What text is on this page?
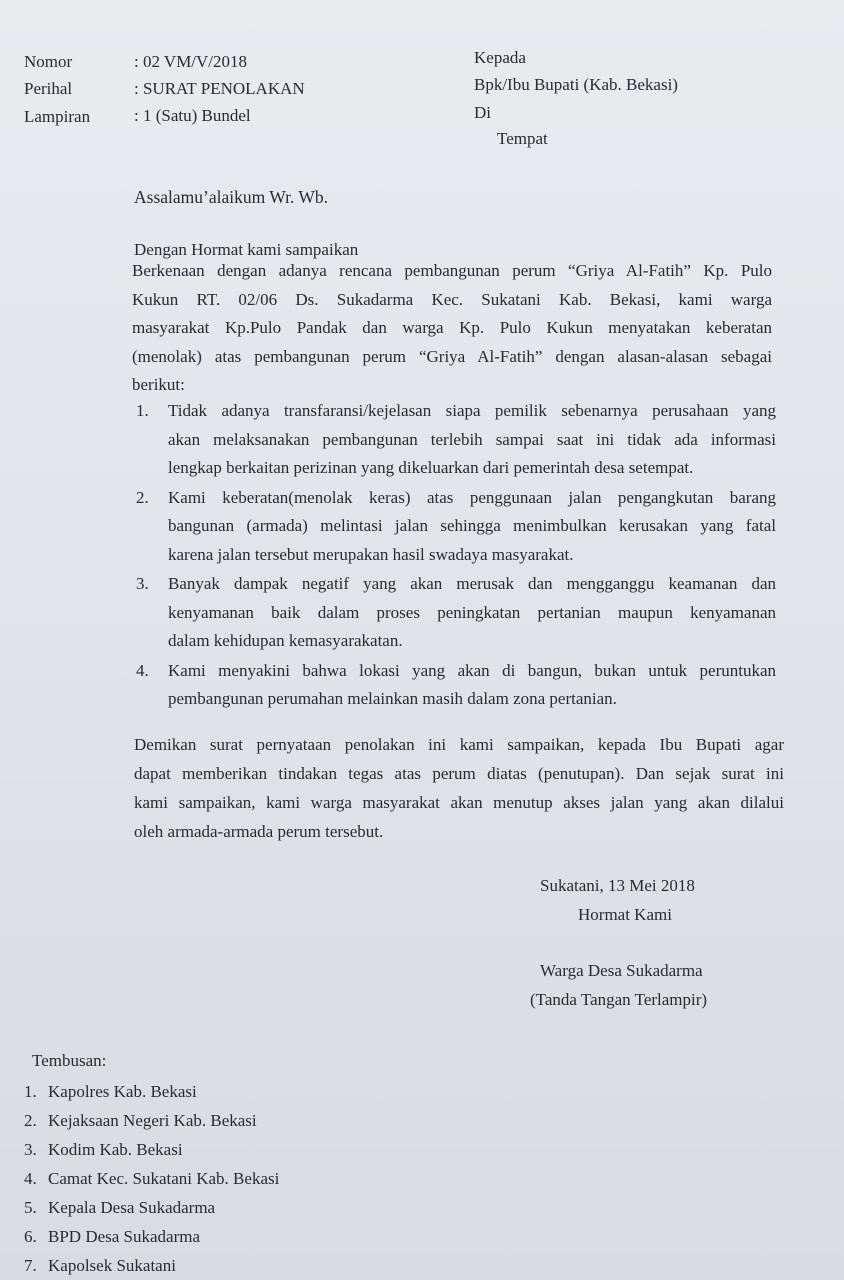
Nomor	: 02 VM/V/2018
Perihal	: SURAT PENOLAKAN
Lampiran	: 1 (Satu) Bundel
Kepada
Bpk/Ibu Bupati (Kab. Bekasi)
Di
Tempat
Assalamu’alaikum Wr. Wb.
Dengan Hormat kami sampaikan
Berkenaan dengan adanya rencana pembangunan perum “Griya Al-Fatih” Kp. Pulo
Kukun RT. 02/06 Ds. Sukadarma Kec. Sukatani Kab. Bekasi, kami warga
masyarakat Kp.Pulo Pandak dan warga Kp. Pulo Kukun menyatakan keberatan
(menolak) atas pembangunan perum “Griya Al-Fatih” dengan alasan-alasan sebagai
berikut:
1. Tidak adanya transfaransi/kejelasan siapa pemilik sebenarnya perusahaan yang
akan melaksanakan pembangunan terlebih sampai saat ini tidak ada informasi
lengkap berkaitan perizinan yang dikeluarkan dari pemerintah desa setempat.
2. Kami keberatan(menolak keras) atas penggunaan jalan pengangkutan barang
bangunan (armada) melintasi jalan sehingga menimbulkan kerusakan yang fatal
karena jalan tersebut merupakan hasil swadaya masyarakat.
3. Banyak dampak negatif yang akan merusak dan mengganggu keamanan dan
kenyamanan baik dalam proses peningkatan pertanian maupun kenyamanan
dalam kehidupan kemasyarakatan.
4. Kami menyakini bahwa lokasi yang akan di bangun, bukan untuk peruntukan
pembangunan perumahan melainkan masih dalam zona pertanian.
Demikan surat pernyataan penolakan ini kami sampaikan, kepada Ibu Bupati agar
dapat memberikan tindakan tegas atas perum diatas (penutupan). Dan sejak surat ini
kami sampaikan, kami warga masyarakat akan menutup akses jalan yang akan dilalui
oleh armada-armada perum tersebut.
Sukatani, 13 Mei 2018
Hormat Kami
Warga Desa Sukadarma
(Tanda Tangan Terlampir)
Tembusan:
1. Kapolres Kab. Bekasi
2. Kejaksaan Negeri Kab. Bekasi
3. Kodim Kab. Bekasi
4. Camat Kec. Sukatani Kab. Bekasi
5. Kepala Desa Sukadarma
6. BPD Desa Sukadarma
7. Kapolsek Sukatani
